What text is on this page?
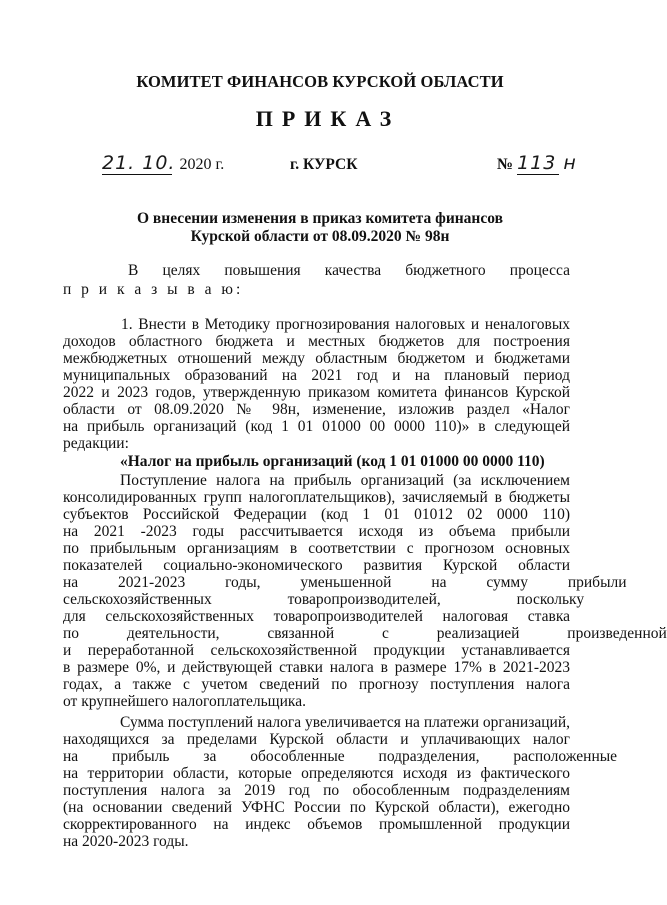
КОМИТЕТ ФИНАНСОВ КУРСКОЙ ОБЛАСТИ
ПРИКАЗ
21. 10. 2020 г.	г. КУРСК	№ 113 н
О внесении изменения в приказ комитета финансов
Курской области от 08.09.2020 № 98н
В целях повышения качества бюджетного процесса
п р и к а з ы в а ю:
1. Внести в Методику прогнозирования налоговых и неналоговых
доходов областного бюджета и местных бюджетов для построения
межбюджетных отношений между областным бюджетом и бюджетами
муниципальных образований на 2021 год и на плановый период
2022 и 2023 годов, утвержденную приказом комитета финансов Курской
области от 08.09.2020 № 98н, изменение, изложив раздел «Налог
на прибыль организаций (код 1 01 01000 00 0000 110)» в следующей
редакции:
«Налог на прибыль организаций (код 1 01 01000 00 0000 110)
Поступление налога на прибыль организаций (за исключением
консолидированных групп налогоплательщиков), зачисляемый в бюджеты
субъектов Российской Федерации (код 1 01 01012 02 0000 110)
на 2021 -2023 годы рассчитывается исходя из объема прибыли
по прибыльным организациям в соответствии с прогнозом основных
показателей социально-экономического развития Курской области
на 2021-2023 годы, уменьшенной на сумму прибыли
сельскохозяйственных товаропроизводителей, поскольку
для сельскохозяйственных товаропроизводителей налоговая ставка
по деятельности, связанной с реализацией произведенной
и переработанной сельскохозяйственной продукции устанавливается
в размере 0%, и действующей ставки налога в размере 17% в 2021-2023
годах, а также с учетом сведений по прогнозу поступления налога
от крупнейшего налогоплательщика.
Сумма поступлений налога увеличивается на платежи организаций,
находящихся за пределами Курской области и уплачивающих налог
на прибыль за обособленные подразделения, расположенные
на территории области, которые определяются исходя из фактического
поступления налога за 2019 год по обособленным подразделениям
(на основании сведений УФНС России по Курской области), ежегодно
скорректированного на индекс объемов промышленной продукции
на 2020-2023 годы.
